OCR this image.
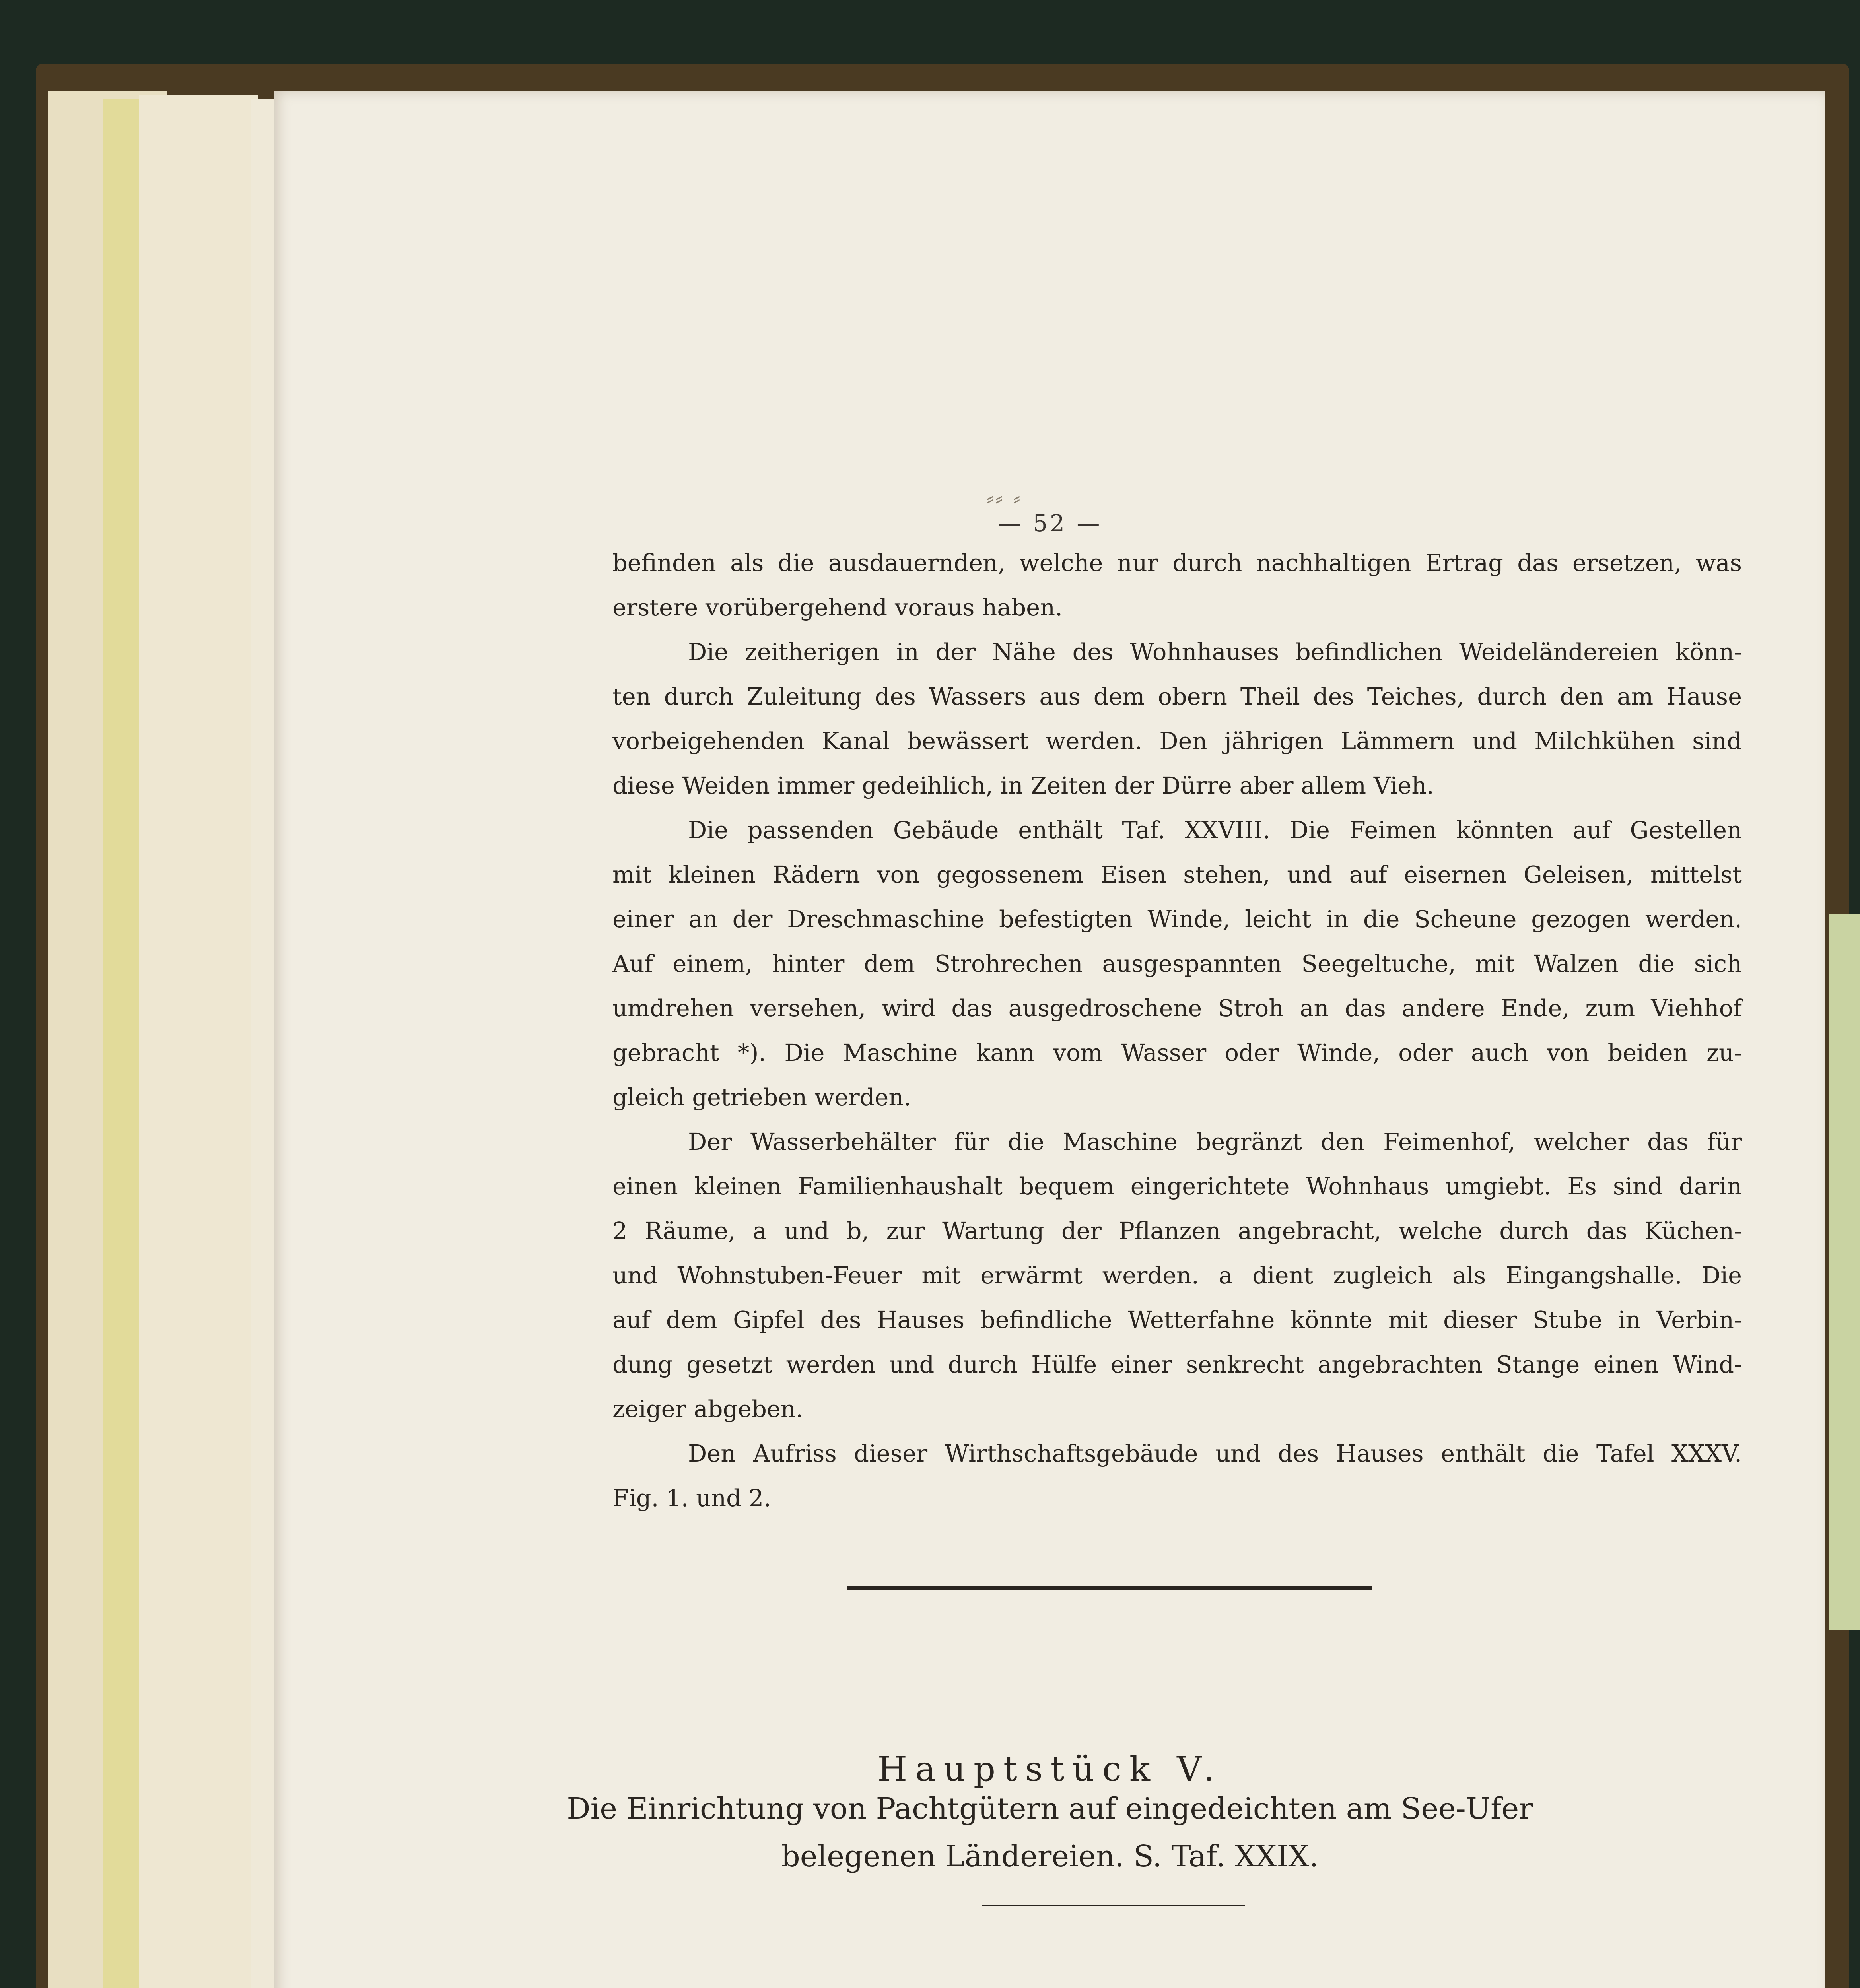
⸗⸗ ⸗
— 52 —
befinden als die ausdauernden, welche nur durch nachhaltigen Ertrag das ersetzen, was
erstere vorübergehend voraus haben.
Die zeitherigen in der Nähe des Wohnhauses befindlichen Weideländereien könn-
ten durch Zuleitung des Wassers aus dem obern Theil des Teiches, durch den am Hause
vorbeigehenden Kanal bewässert werden. Den jährigen Lämmern und Milchkühen sind
diese Weiden immer gedeihlich, in Zeiten der Dürre aber allem Vieh.
Die passenden Gebäude enthält Taf. XXVIII. Die Feimen könnten auf Gestellen
mit kleinen Rädern von gegossenem Eisen stehen, und auf eisernen Geleisen, mittelst
einer an der Dreschmaschine befestigten Winde, leicht in die Scheune gezogen werden.
Auf einem, hinter dem Strohrechen ausgespannten Seegeltuche, mit Walzen die sich
umdrehen versehen, wird das ausgedroschene Stroh an das andere Ende, zum Viehhof
gebracht *). Die Maschine kann vom Wasser oder Winde, oder auch von beiden zu-
gleich getrieben werden.
Der Wasserbehälter für die Maschine begränzt den Feimenhof, welcher das für
einen kleinen Familienhaushalt bequem eingerichtete Wohnhaus umgiebt. Es sind darin
2 Räume, a und b, zur Wartung der Pflanzen angebracht, welche durch das Küchen-
und Wohnstuben-Feuer mit erwärmt werden. a dient zugleich als Eingangshalle. Die
auf dem Gipfel des Hauses befindliche Wetterfahne könnte mit dieser Stube in Verbin-
dung gesetzt werden und durch Hülfe einer senkrecht angebrachten Stange einen Wind-
zeiger abgeben.
Den Aufriss dieser Wirthschaftsgebäude und des Hauses enthält die Tafel XXXV.
Fig. 1. und 2.
Hauptstück V.
Die Einrichtung von Pachtgütern auf eingedeichten am See-Ufer
belegenen Ländereien. S. Taf. XXIX.
